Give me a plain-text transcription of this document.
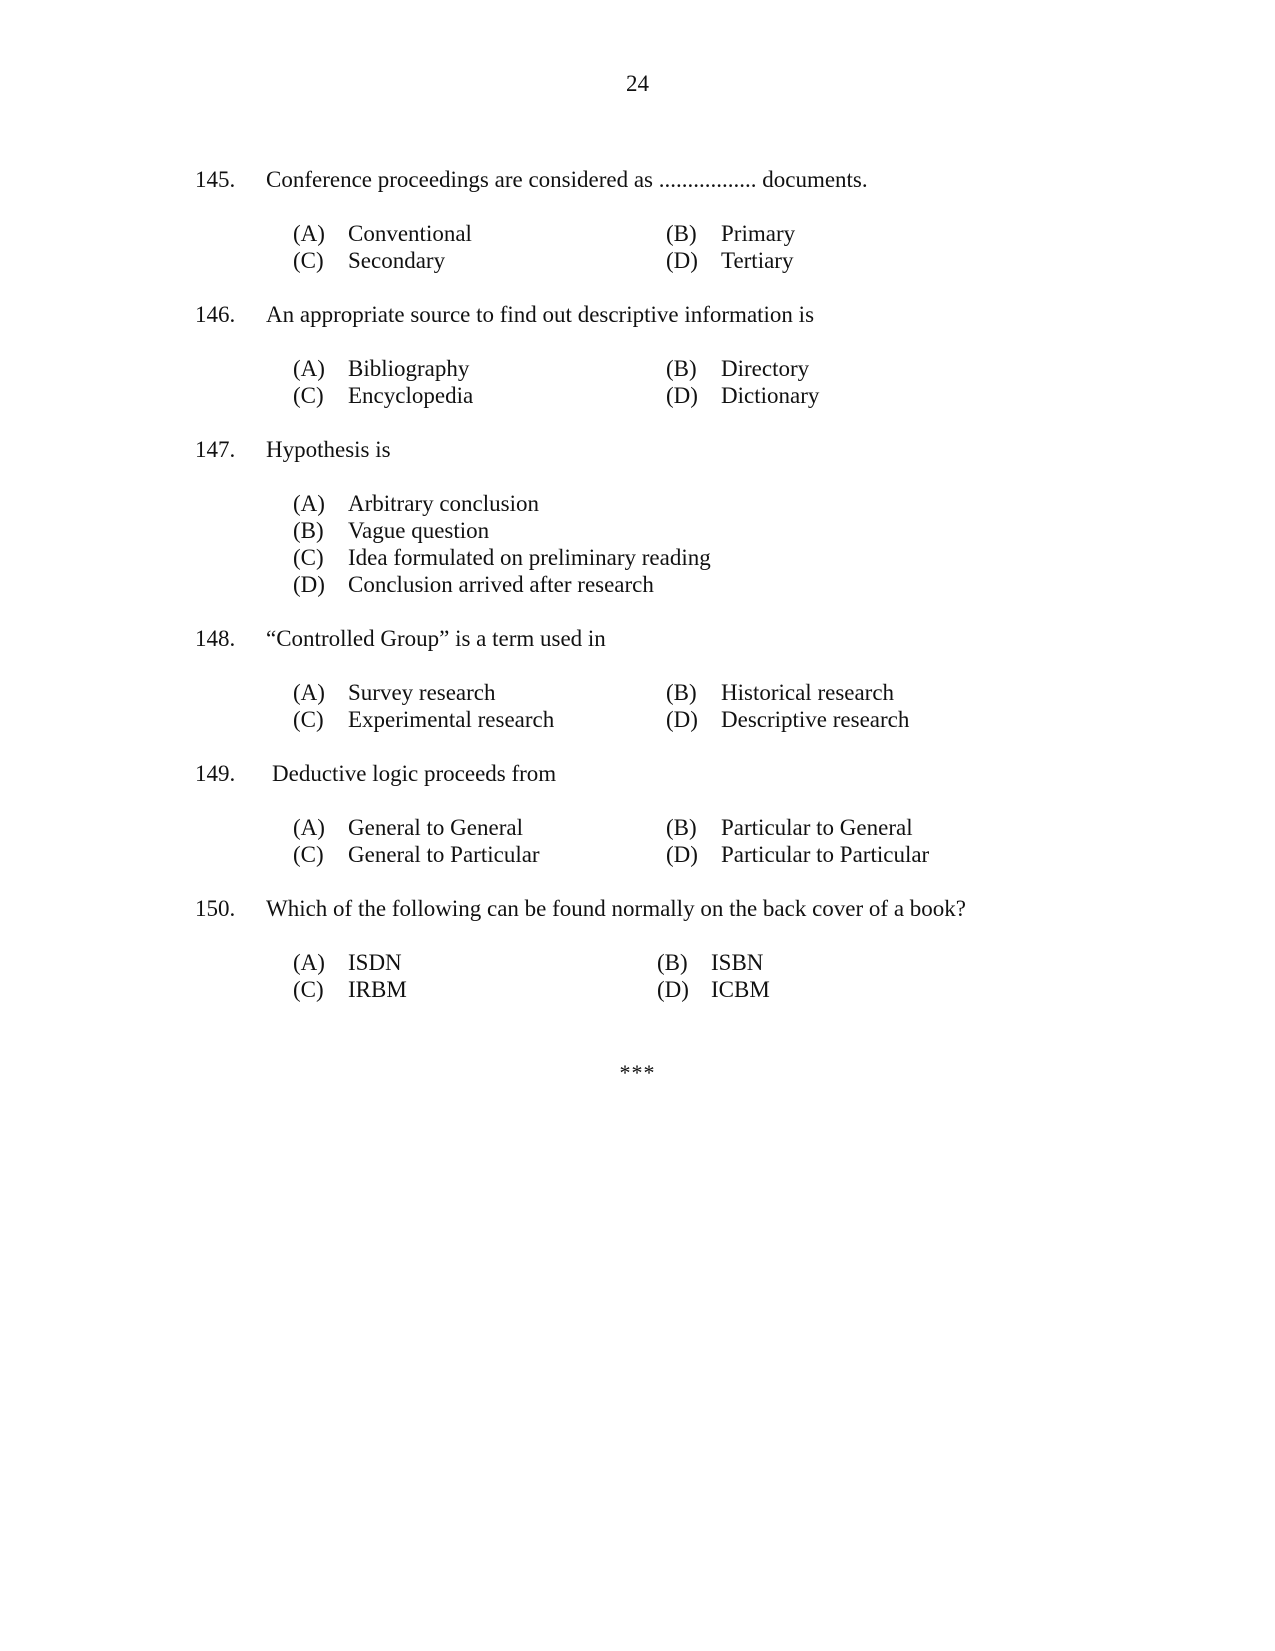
24
145. Conference proceedings are considered as ................. documents.
(A) Conventional	(B) Primary
(C) Secondary	(D) Tertiary
146. An appropriate source to find out descriptive information is
(A) Bibliography	(B) Directory
(C) Encyclopedia	(D) Dictionary
147. Hypothesis is
(A) Arbitrary conclusion
(B) Vague question
(C) Idea formulated on preliminary reading
(D) Conclusion arrived after research
148. “Controlled Group” is a term used in
(A) Survey research	(B) Historical research
(C) Experimental research	(D) Descriptive research
149. Deductive logic proceeds from
(A) General to General	(B) Particular to General
(C) General to Particular	(D) Particular to Particular
150. Which of the following can be found normally on the back cover of a book?
(A) ISDN	(B) ISBN
(C) IRBM	(D) ICBM
***
